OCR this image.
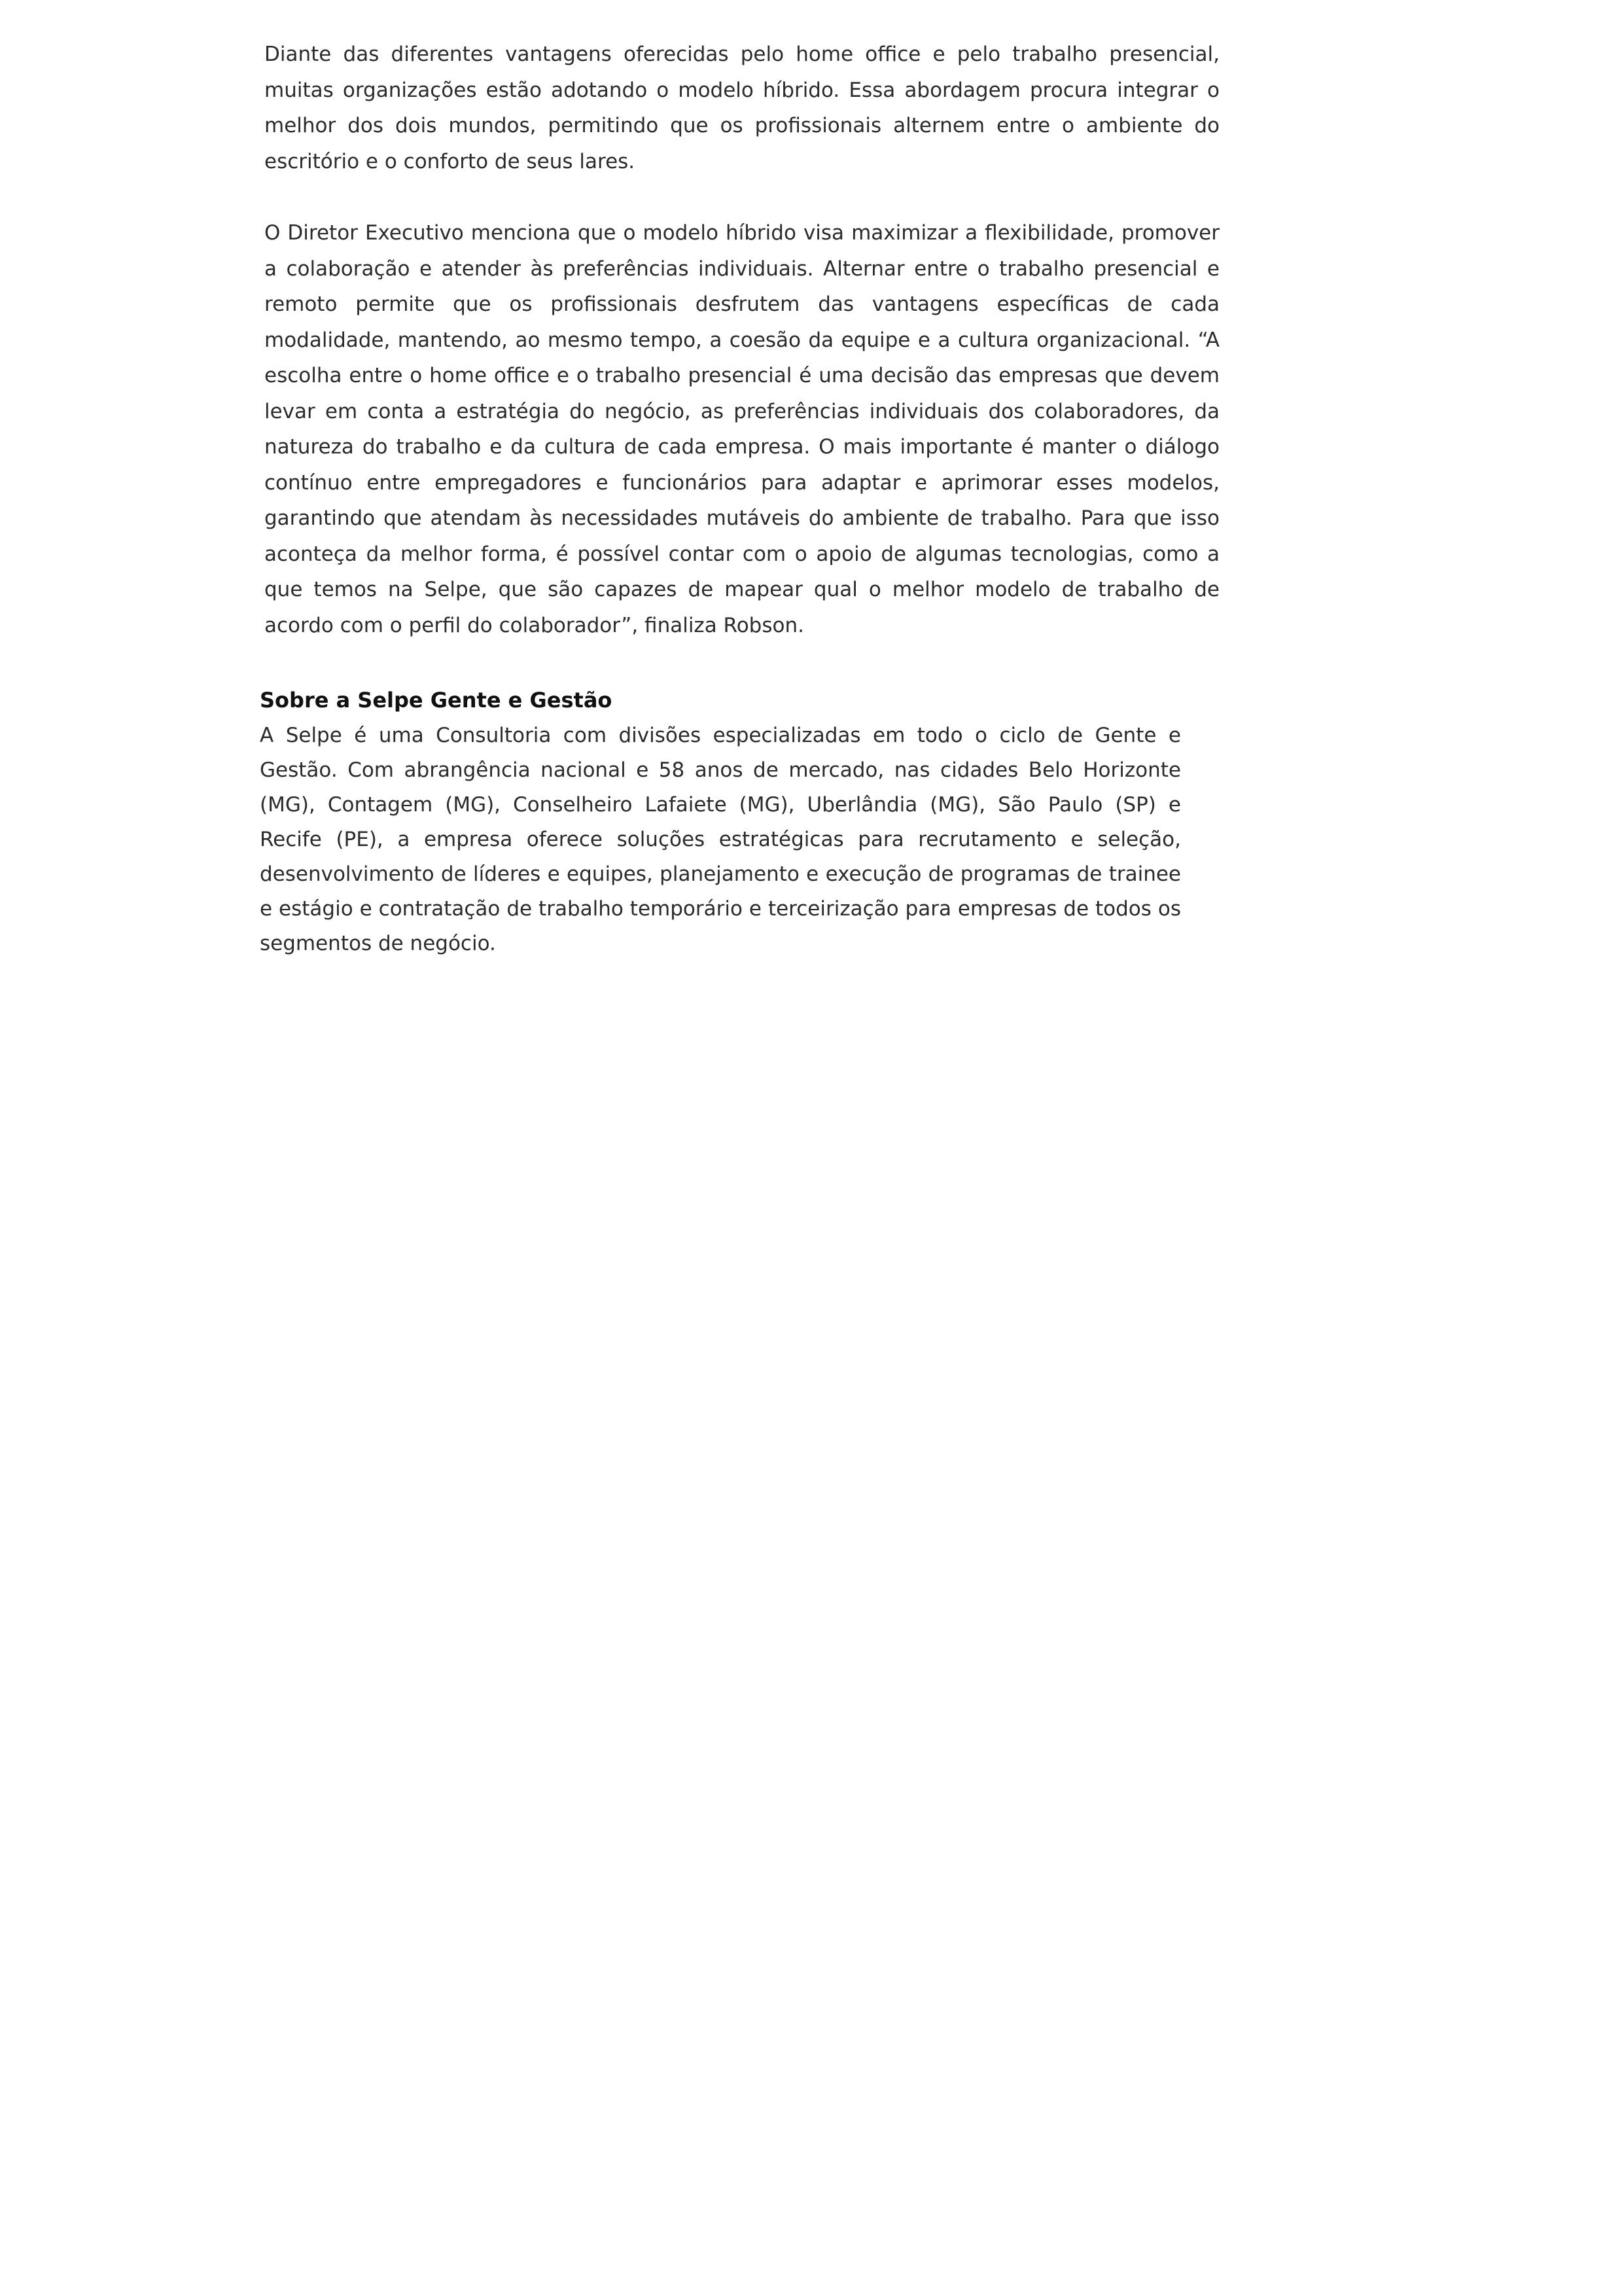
Diante das diferentes vantagens oferecidas pelo home office e pelo trabalho presencial, muitas organizações estão adotando o modelo híbrido. Essa abordagem procura integrar o melhor dos dois mundos, permitindo que os profissionais alternem entre o ambiente do escritório e o conforto de seus lares.

O Diretor Executivo menciona que o modelo híbrido visa maximizar a flexibilidade, promover a colaboração e atender às preferências individuais. Alternar entre o trabalho presencial e remoto permite que os profissionais desfrutem das vantagens específicas de cada modalidade, mantendo, ao mesmo tempo, a coesão da equipe e a cultura organizacional. “A escolha entre o home office e o trabalho presencial é uma decisão das empresas que devem levar em conta a estratégia do negócio, as preferências individuais dos colaboradores, da natureza do trabalho e da cultura de cada empresa. O mais importante é manter o diálogo contínuo entre empregadores e funcionários para adaptar e aprimorar esses modelos, garantindo que atendam às necessidades mutáveis do ambiente de trabalho. Para que isso aconteça da melhor forma, é possível contar com o apoio de algumas tecnologias, como a que temos na Selpe, que são capazes de mapear qual o melhor modelo de trabalho de acordo com o perfil do colaborador”, finaliza Robson.

Sobre a Selpe Gente e Gestão

A Selpe é uma Consultoria com divisões especializadas em todo o ciclo de Gente e Gestão. Com abrangência nacional e 58 anos de mercado, nas cidades Belo Horizonte (MG), Contagem (MG), Conselheiro Lafaiete (MG), Uberlândia (MG), São Paulo (SP) e Recife (PE), a empresa oferece soluções estratégicas para recrutamento e seleção, desenvolvimento de líderes e equipes, planejamento e execução de programas de trainee e estágio e contratação de trabalho temporário e terceirização para empresas de todos os segmentos de negócio.
